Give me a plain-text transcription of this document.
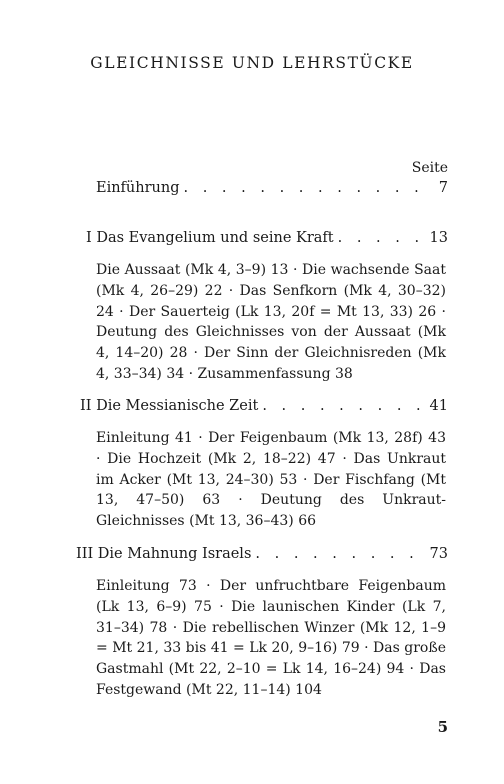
GLEICHNISSE UND LEHRSTÜCKE
Seite
Einführung . . .	7
I Das Evangelium und seine Kraft . . .	13
Die Aussaat (Mk 4, 3–9) 13 · Die wachsende Saat (Mk 4, 26–29) 22 · Das Senfkorn (Mk 4, 30–32) 24 · Der Sauerteig (Lk 13, 20f = Mt 13, 33) 26 · Deutung des Gleichnisses von der Aussaat (Mk 4, 14–20) 28 · Der Sinn der Gleichnisreden (Mk 4, 33–34) 34 · Zusammenfassung 38
II Die Messianische Zeit . . .	41
Einleitung 41 · Der Feigenbaum (Mk 13, 28f) 43 · Die Hochzeit (Mk 2, 18–22) 47 · Das Unkraut im Acker (Mt 13, 24–30) 53 · Der Fischfang (Mt 13, 47–50) 63 · Deutung des Unkraut-Gleichnisses (Mt 13, 36–43) 66
III Die Mahnung Israels . . .	73
Einleitung 73 · Der unfruchtbare Feigenbaum (Lk 13, 6–9) 75 · Die launischen Kinder (Lk 7, 31–34) 78 · Die rebellischen Winzer (Mk 12, 1–9 = Mt 21, 33 bis 41 = Lk 20, 9–16) 79 · Das große Gastmahl (Mt 22, 2–10 = Lk 14, 16–24) 94 · Das Festgewand (Mt 22, 11–14) 104
5
